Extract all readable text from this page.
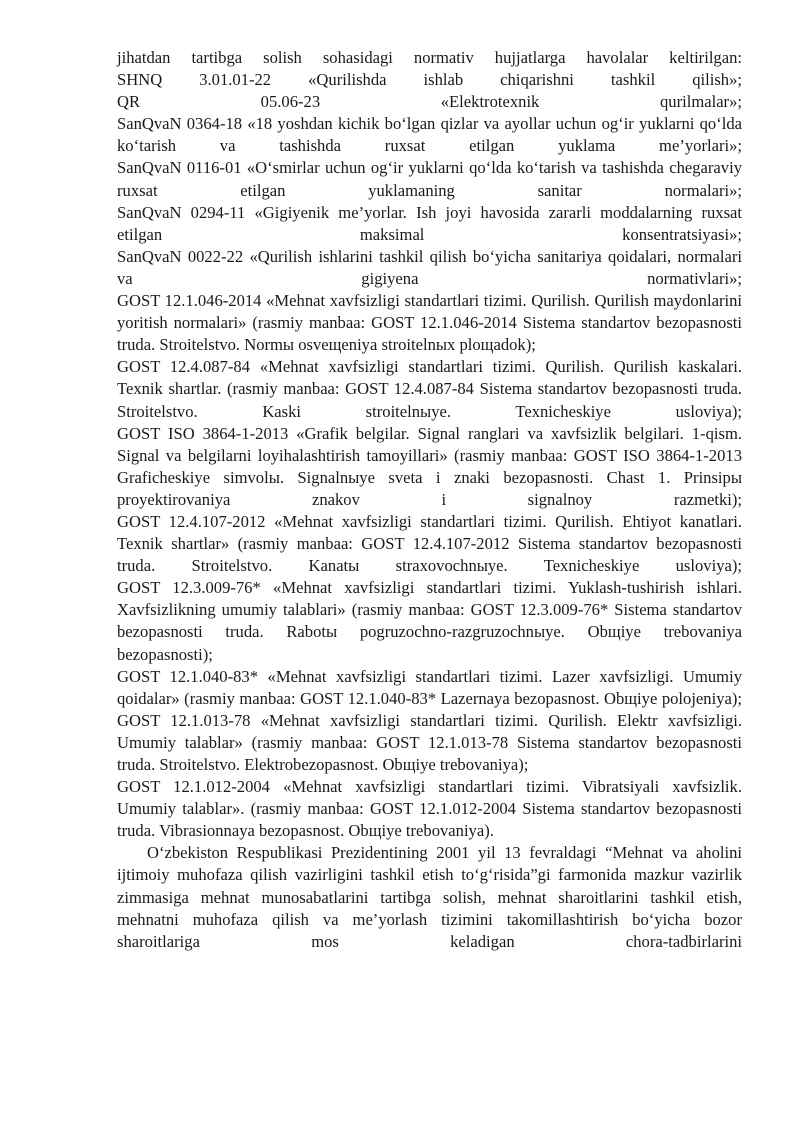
jihatdan tartibga solish sohasidagi normativ hujjatlarga havolalar keltirilgan:

SHNQ 3.01.01-22 «Qurilishda ishlab chiqarishni tashkil qilish»;

QR 05.06-23 «Elektrotexnik qurilmalar»;

SanQvaN 0364-18 «18 yoshdan kichik bo‘lgan qizlar va ayollar uchun og‘ir yuklarni qo‘lda ko‘tarish va tashishda ruxsat etilgan yuklama me’yorlari»;

SanQvaN 0116-01 «O‘smirlar uchun og‘ir yuklarni qo‘lda ko‘tarish va tashishda chegaraviy ruxsat etilgan yuklamaning sanitar normalari»;

SanQvaN 0294-11 «Gigiyenik me’yorlar. Ish joyi havosida zararli moddalarning ruxsat etilgan maksimal konsentratsiyasi»;

SanQvaN 0022-22 «Qurilish ishlarini tashkil qilish bo‘yicha sanitariya qoidalari, normalari va gigiyena normativlari»;

GOST 12.1.046-2014 «Mehnat xavfsizligi standartlari tizimi. Qurilish. Qurilish maydonlarini yoritish normalari» (rasmiy manbaa: GOST 12.1.046-2014 Sistema standartov bezopasnosti truda. Stroitelstvo. Normы osveщeniya stroitelnых ploщadok);

GOST 12.4.087-84 «Mehnat xavfsizligi standartlari tizimi. Qurilish. Qurilish kaskalari. Texnik shartlar. (rasmiy manbaa: GOST 12.4.087-84 Sistema standartov bezopasnosti truda. Stroitelstvo. Kaski stroitelnыye. Texnicheskiye usloviya);

GOST ISO 3864-1-2013 «Grafik belgilar. Signal ranglari va xavfsizlik belgilari. 1-qism. Signal va belgilarni loyihalashtirish tamoyillari» (rasmiy manbaa: GOST ISO 3864-1-2013 Graficheskiye simvolы. Signalnыye sveta i znaki bezopasnosti. Chast 1. Prinsipы proyektirovaniya znakov i signalnoy razmetki);

GOST 12.4.107-2012 «Mehnat xavfsizligi standartlari tizimi. Qurilish. Ehtiyot kanatlari. Texnik shartlar» (rasmiy manbaa: GOST 12.4.107-2012 Sistema standartov bezopasnosti truda. Stroitelstvo. Kanatы straxovochnыye. Texnicheskiye usloviya);

GOST 12.3.009-76* «Mehnat xavfsizligi standartlari tizimi. Yuklash-tushirish ishlari. Xavfsizlikning umumiy talablari» (rasmiy manbaa: GOST 12.3.009-76* Sistema standartov bezopasnosti truda. Rabotы pogruzochno-razgruzochnыye. Obщiye trebovaniya bezopasnosti);

GOST 12.1.040-83* «Mehnat xavfsizligi standartlari tizimi. Lazer xavfsizligi. Umumiy qoidalar» (rasmiy manbaa: GOST 12.1.040-83* Lazernaya bezopasnost. Obщiye polojeniya);

GOST 12.1.013-78 «Mehnat xavfsizligi standartlari tizimi. Qurilish. Elektr xavfsizligi. Umumiy talablar» (rasmiy manbaa: GOST 12.1.013-78 Sistema standartov bezopasnosti truda. Stroitelstvo. Elektrobezopasnost. Obщiye trebovaniya);

GOST 12.1.012-2004 «Mehnat xavfsizligi standartlari tizimi. Vibratsiyali xavfsizlik. Umumiy talablar». (rasmiy manbaa: GOST 12.1.012-2004 Sistema standartov bezopasnosti truda. Vibrasionnaya bezopasnost. Obщiye trebovaniya).

O‘zbekiston Respublikasi Prezidentining 2001 yil 13 fevraldagi “Mehnat va aholini ijtimoiy muhofaza qilish vazirligini tashkil etish to‘g‘risida”gi farmonida mazkur vazirlik zimmasiga mehnat munosabatlarini tartibga solish, mehnat sharoitlarini tashkil etish, mehnatni muhofaza qilish va me’yorlash tizimini takomillashtirish bo‘yicha bozor sharoitlariga mos keladigan chora-tadbirlarini
